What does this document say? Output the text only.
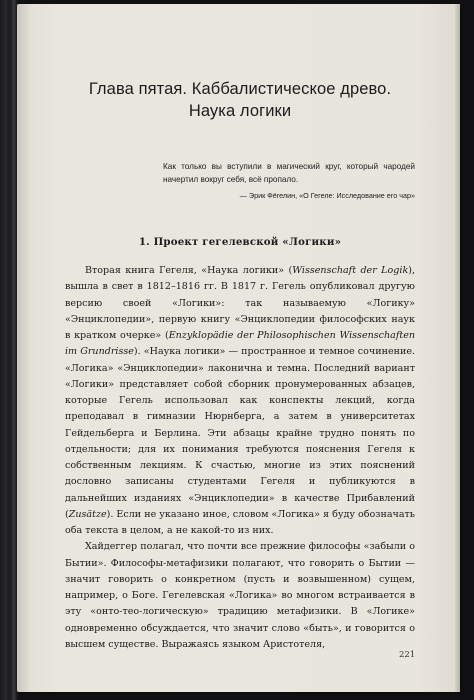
Глава пятая. Каббалистическое древо.
Наука логики
Как только вы вступили в магический круг, который чародей начертил вокруг себя, всё пропало.
— Эрик Фёгелин, «О Гегеле: Исследование его чар»
1. Проект гегелевской «Логики»

Вторая книга Гегеля, «Наука логики» (Wissenschaft der Logik), вышла в свет в 1812–1816 гг. В 1817 г. Гегель опубликовал другую версию своей «Логики»: так называемую «Логику» «Энциклопедии», первую книгу «Энциклопедии философских наук в кратком очерке» (Enzyklopädie der Philosophischen Wissenschaften im Grundrisse). «Наука логики» — пространное и темное сочинение. «Логика» «Энциклопедии» лаконична и темна. Последний вариант «Логики» представляет собой сборник пронумерованных абзацев, которые Гегель использовал как конспекты лекций, когда преподавал в гимназии Нюрнберга, а затем в университетах Гейдельберга и Берлина. Эти абзацы крайне трудно понять по отдельности; для их понимания требуются пояснения Гегеля к собственным лекциям. К счастью, многие из этих пояснений дословно записаны студентами Гегеля и публикуются в дальнейших изданиях «Энциклопедии» в качестве Прибавлений (Zusätze). Если не указано иное, словом «Логика» я буду обозначать оба текста в целом, а не какой-то из них.

Хайдеггер полагал, что почти все прежние философы «забыли о Бытии». Философы-метафизики полагают, что говорить о Бытии — значит говорить о конкретном (пусть и возвышенном) сущем, например, о Боге. Гегелевская «Логика» во многом встраивается в эту «онто-тео-логическую» традицию метафизики. В «Логике» одновременно обсуждается, что значит слово «быть», и говорится о высшем существе. Выражаясь языком Аристотеля,

221
